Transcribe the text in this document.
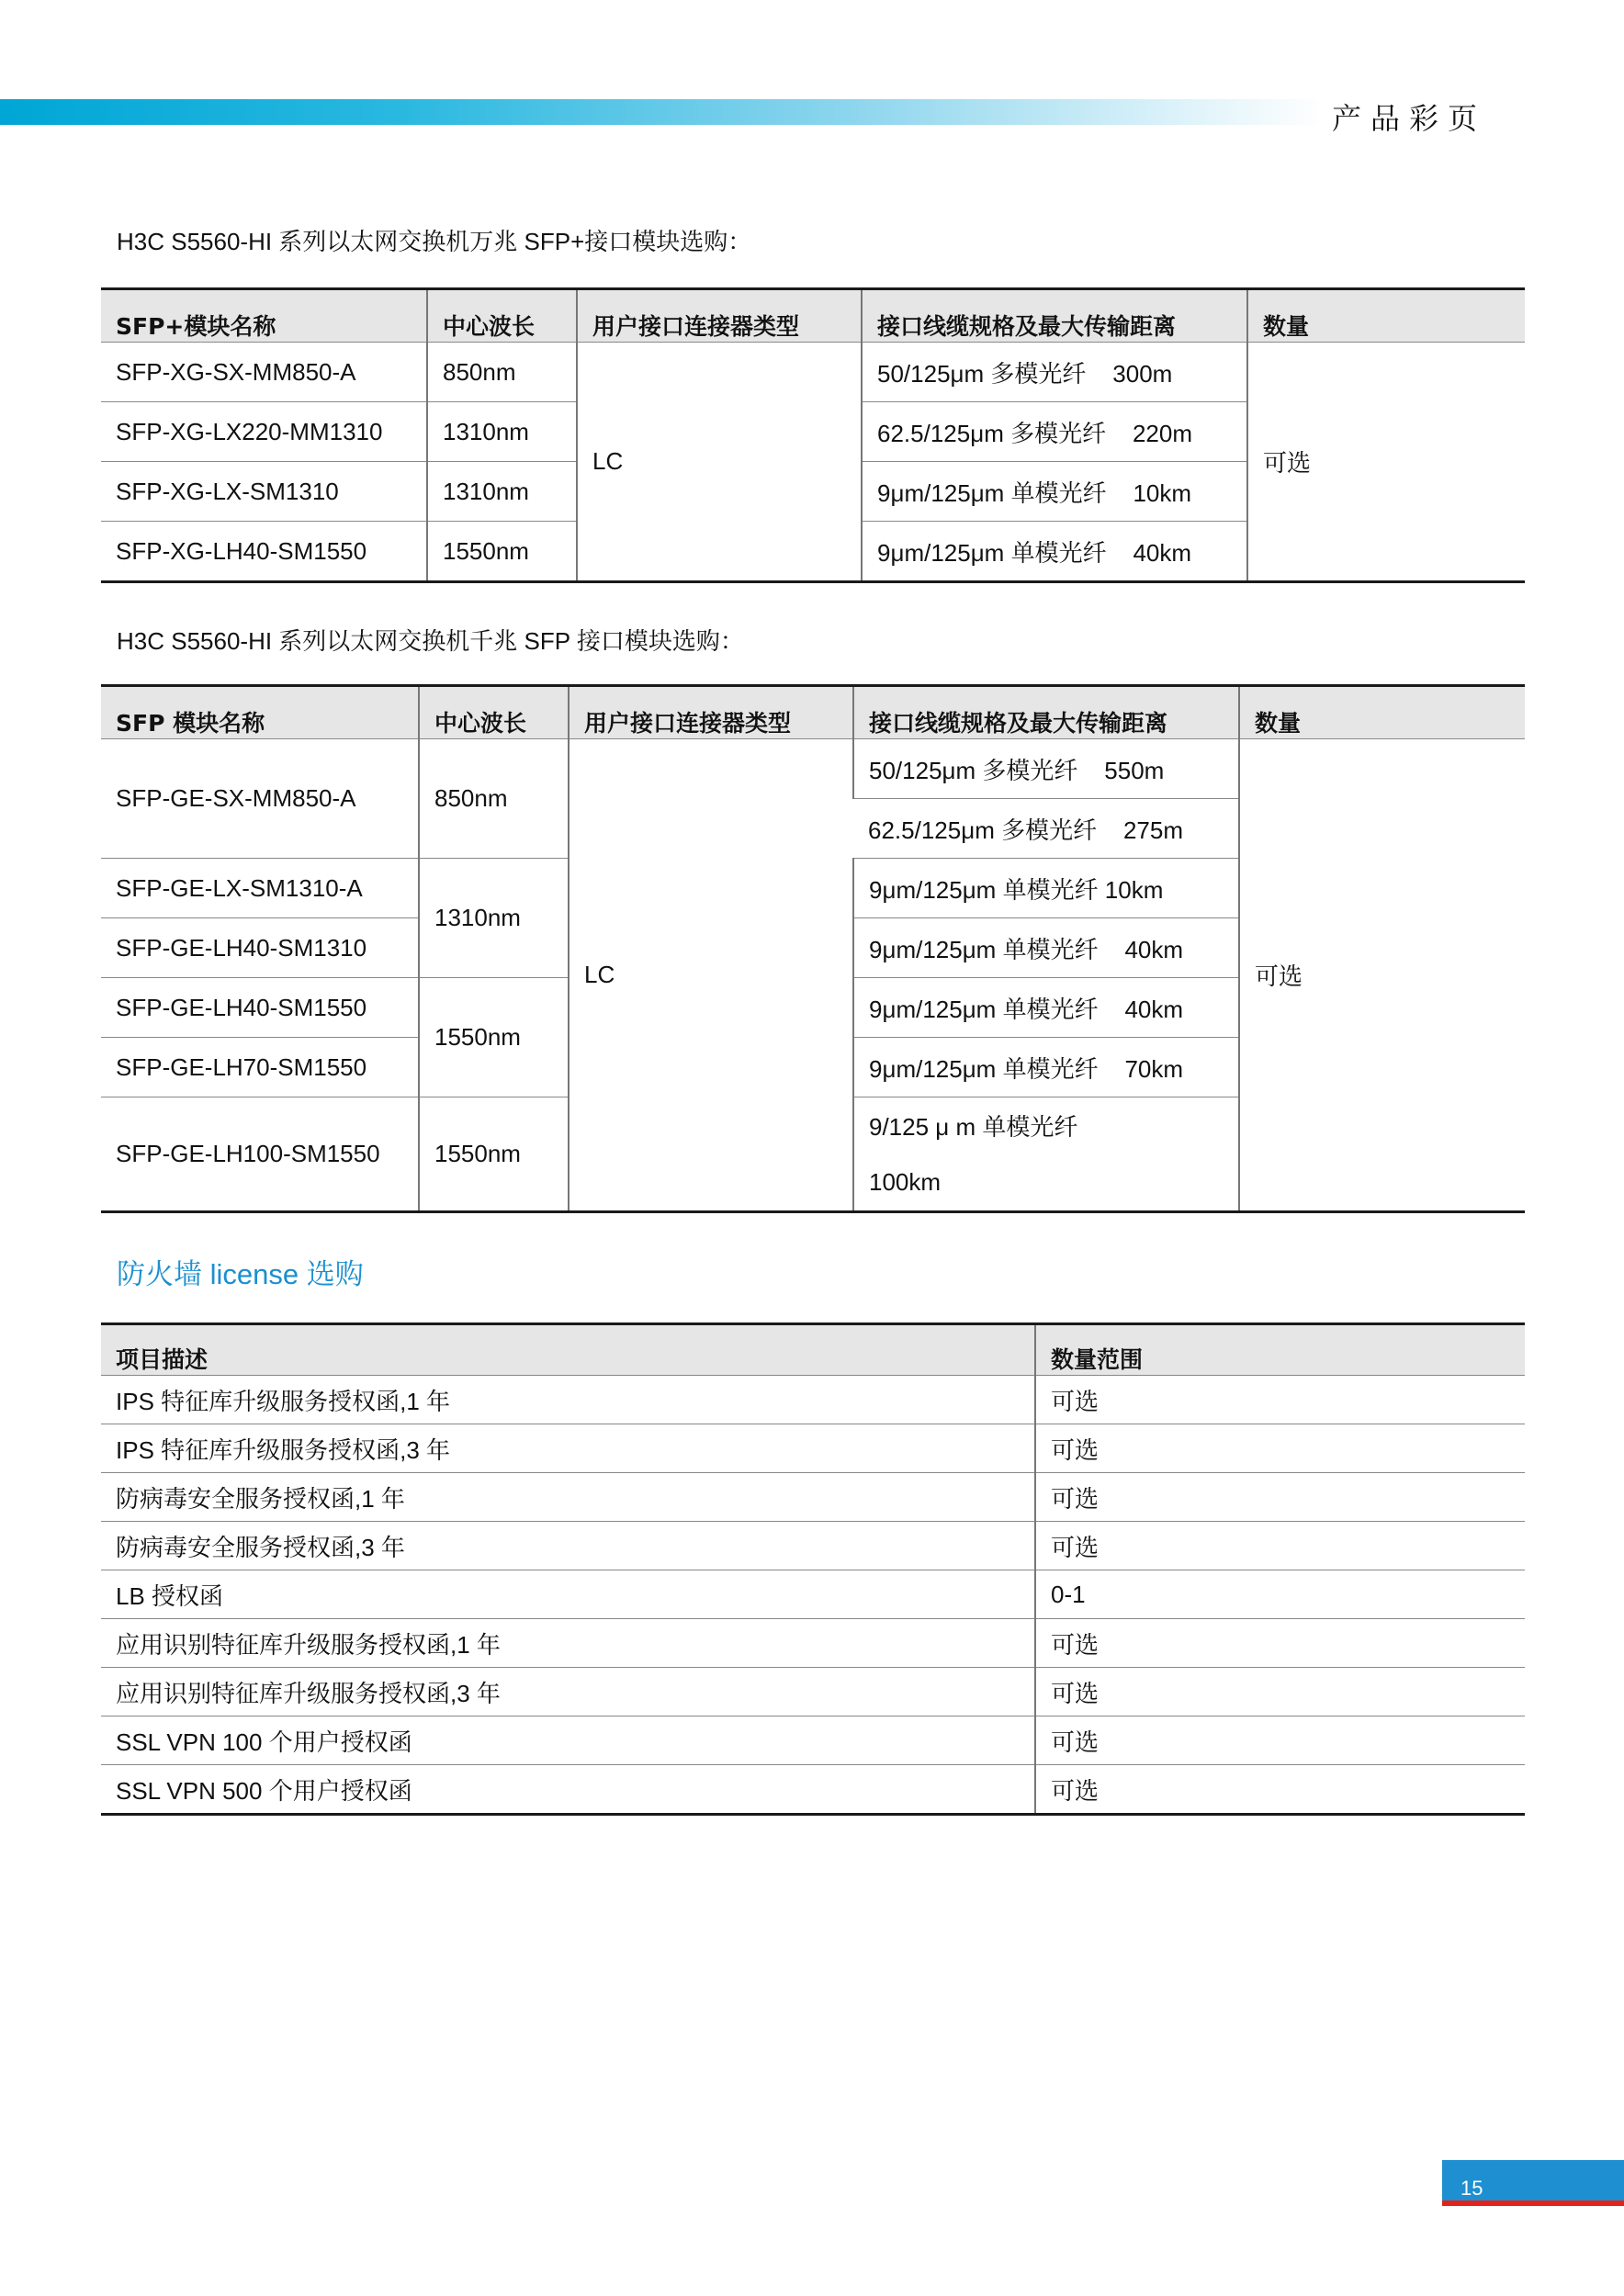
产品彩页
H3C S5560-HI 系列以太网交换机万兆 SFP+接口模块选购：
SFP+模块名称	中心波长	用户接口连接器类型	接口线缆规格及最大传输距离	数量
SFP-XG-SX-MM850-A	850nm	LC	50/125μm 多模光纤    300m	可选
SFP-XG-LX220-MM1310	1310nm		62.5/125μm 多模光纤    220m	
SFP-XG-LX-SM1310	1310nm		9μm/125μm 单模光纤    10km	
SFP-XG-LH40-SM1550	1550nm		9μm/125μm 单模光纤    40km	
H3C S5560-HI 系列以太网交换机千兆 SFP 接口模块选购：
SFP 模块名称	中心波长	用户接口连接器类型	接口线缆规格及最大传输距离	数量
SFP-GE-SX-MM850-A	850nm	LC	50/125μm 多模光纤    550m	可选
			62.5/125μm 多模光纤    275m	
SFP-GE-LX-SM1310-A	1310nm		9μm/125μm 单模光纤 10km	
SFP-GE-LH40-SM1310			9μm/125μm 单模光纤    40km	
SFP-GE-LH40-SM1550	1550nm		9μm/125μm 单模光纤    40km	
SFP-GE-LH70-SM1550			9μm/125μm 单模光纤    70km	
SFP-GE-LH100-SM1550	1550nm		9/125 μ m 单模光纤
100km	
防火墙 license 选购
项目描述	数量范围
IPS 特征库升级服务授权函,1 年	可选
IPS 特征库升级服务授权函,3 年	可选
防病毒安全服务授权函,1 年	可选
防病毒安全服务授权函,3 年	可选
LB 授权函	0-1
应用识别特征库升级服务授权函,1 年	可选
应用识别特征库升级服务授权函,3 年	可选
SSL VPN 100 个用户授权函	可选
SSL VPN 500 个用户授权函	可选
15
